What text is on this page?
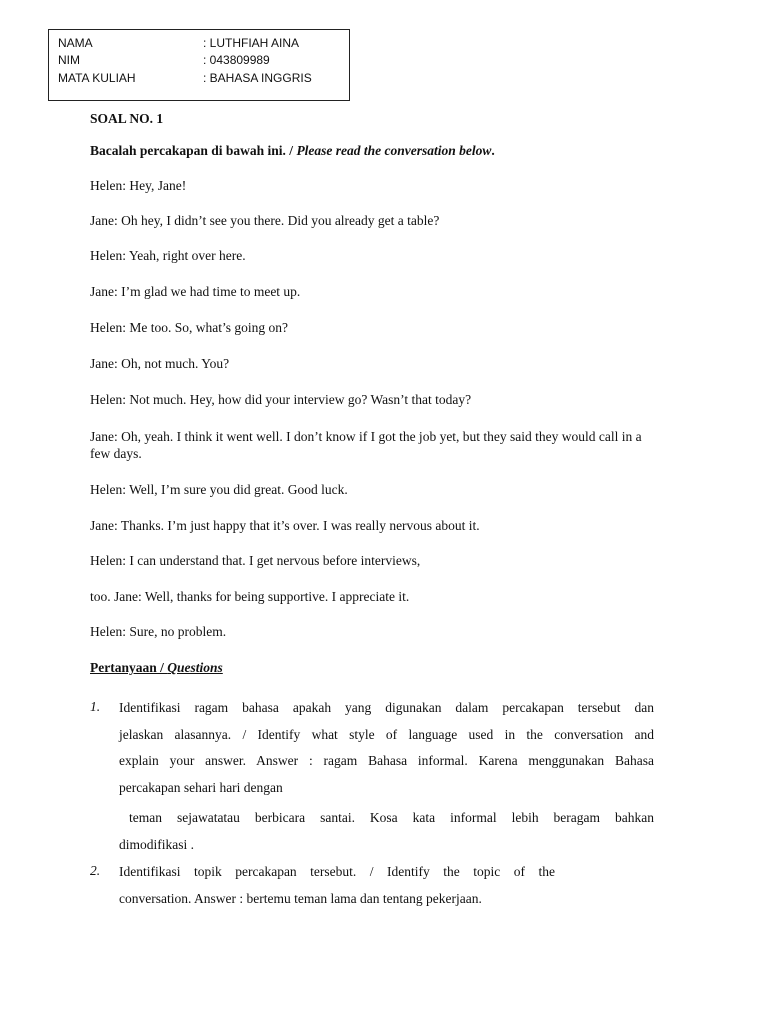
NAMA	: LUTHFIAH AINA
NIM	: 043809989
MATA KULIAH	: BAHASA INGGRIS
SOAL NO. 1
Bacalah percakapan di bawah ini. / Please read the conversation below.
Helen: Hey, Jane!
Jane: Oh hey, I didn’t see you there. Did you already get a table?
Helen: Yeah, right over here.
Jane: I’m glad we had time to meet up.
Helen: Me too. So, what’s going on?
Jane: Oh, not much. You?
Helen: Not much. Hey, how did your interview go? Wasn’t that today?
Jane: Oh, yeah. I think it went well. I don’t know if I got the job yet, but they said they would call in a few days.
Helen: Well, I’m sure you did great. Good luck.
Jane: Thanks. I’m just happy that it’s over. I was really nervous about it.
Helen: I can understand that. I get nervous before interviews,
too. Jane: Well, thanks for being supportive. I appreciate it.
Helen: Sure, no problem.
Pertanyaan / Questions
1. Identifikasi ragam bahasa apakah yang digunakan dalam percakapan tersebut dan
jelaskan alasannya. / Identify what style of language used in the conversation and
explain your answer. Answer : ragam Bahasa informal. Karena menggunakan Bahasa
percakapan sehari hari dengan
teman sejawatatau berbicara santai. Kosa kata informal lebih beragam bahkan
dimodifikasi .
2. Identifikasi topik percakapan tersebut. / Identify the topic of the
conversation. Answer : bertemu teman lama dan tentang pekerjaan.
